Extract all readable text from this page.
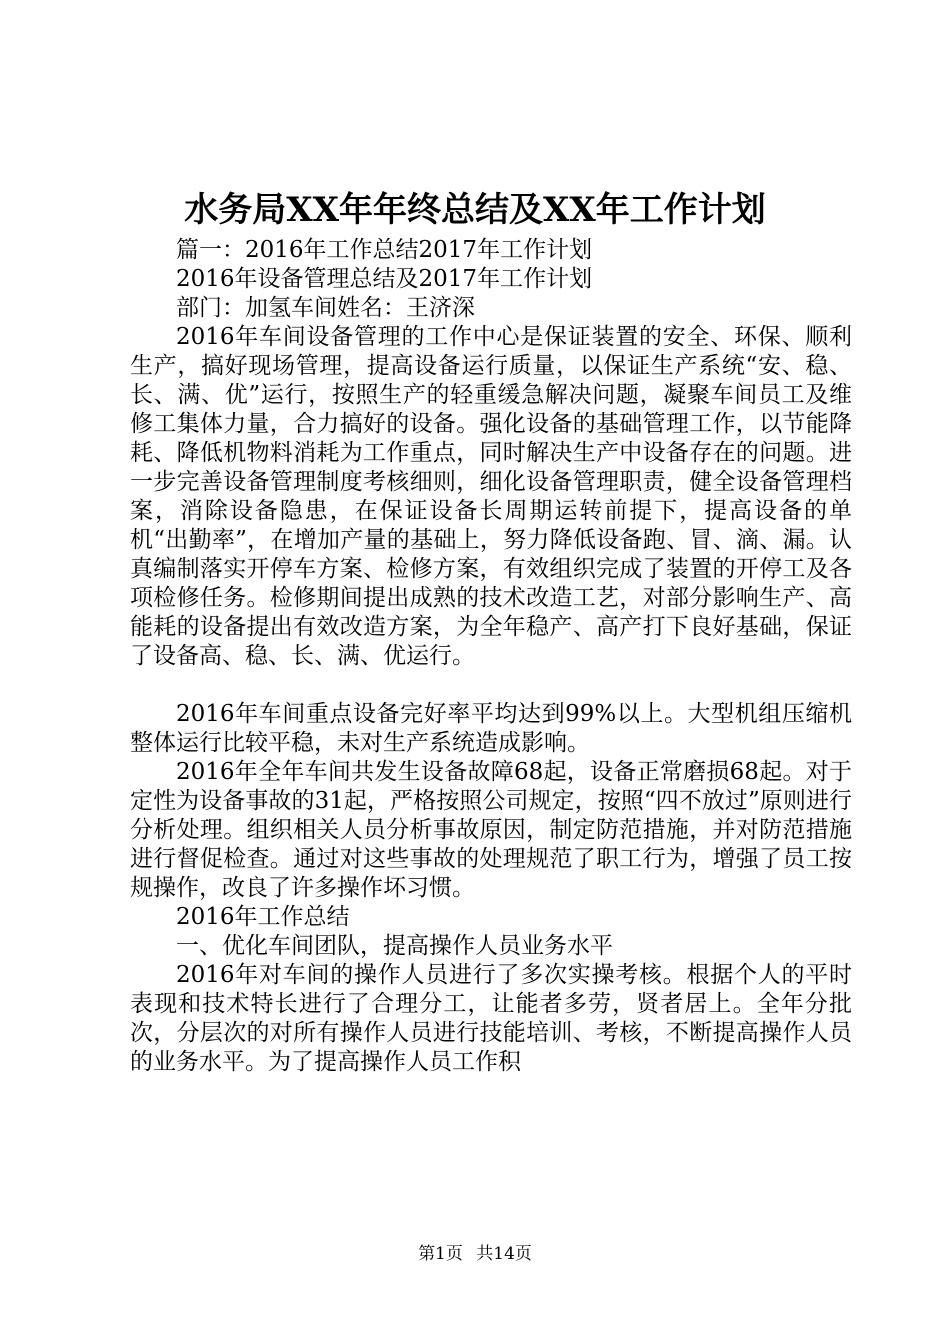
水务局XX年年终总结及XX年工作计划

篇一：2016年工作总结2017年工作计划

2016年设备管理总结及2017年工作计划

部门：加氢车间姓名：王济深

2016年车间设备管理的工作中心是保证装置的安全、环保、顺利生产，搞好现场管理，提高设备运行质量，以保证生产系统“安、稳、长、满、优”运行，按照生产的轻重缓急解决问题，凝聚车间员工及维修工集体力量，合力搞好的设备。强化设备的基础管理工作，以节能降耗、降低机物料消耗为工作重点，同时解决生产中设备存在的问题。进一步完善设备管理制度考核细则，细化设备管理职责，健全设备管理档案，消除设备隐患，在保证设备长周期运转前提下，提高设备的单机“出勤率”，在增加产量的基础上，努力降低设备跑、冒、滴、漏。认真编制落实开停车方案、检修方案，有效组织完成了装置的开停工及各项检修任务。检修期间提出成熟的技术改造工艺，对部分影响生产、高能耗的设备提出有效改造方案，为全年稳产、高产打下良好基础，保证了设备高、稳、长、满、优运行。

2016年车间重点设备完好率平均达到99%以上。大型机组压缩机整体运行比较平稳，未对生产系统造成影响。

2016年全年车间共发生设备故障68起，设备正常磨损68起。对于定性为设备事故的31起，严格按照公司规定，按照“四不放过”原则进行分析处理。组织相关人员分析事故原因，制定防范措施，并对防范措施进行督促检查。通过对这些事故的处理规范了职工行为，增强了员工按规操作，改良了许多操作坏习惯。

2016年工作总结

一、优化车间团队，提高操作人员业务水平

2016年对车间的操作人员进行了多次实操考核。根据个人的平时表现和技术特长进行了合理分工，让能者多劳，贤者居上。全年分批次，分层次的对所有操作人员进行技能培训、考核，不断提高操作人员的业务水平。为了提高操作人员工作积

第1页 共14页
